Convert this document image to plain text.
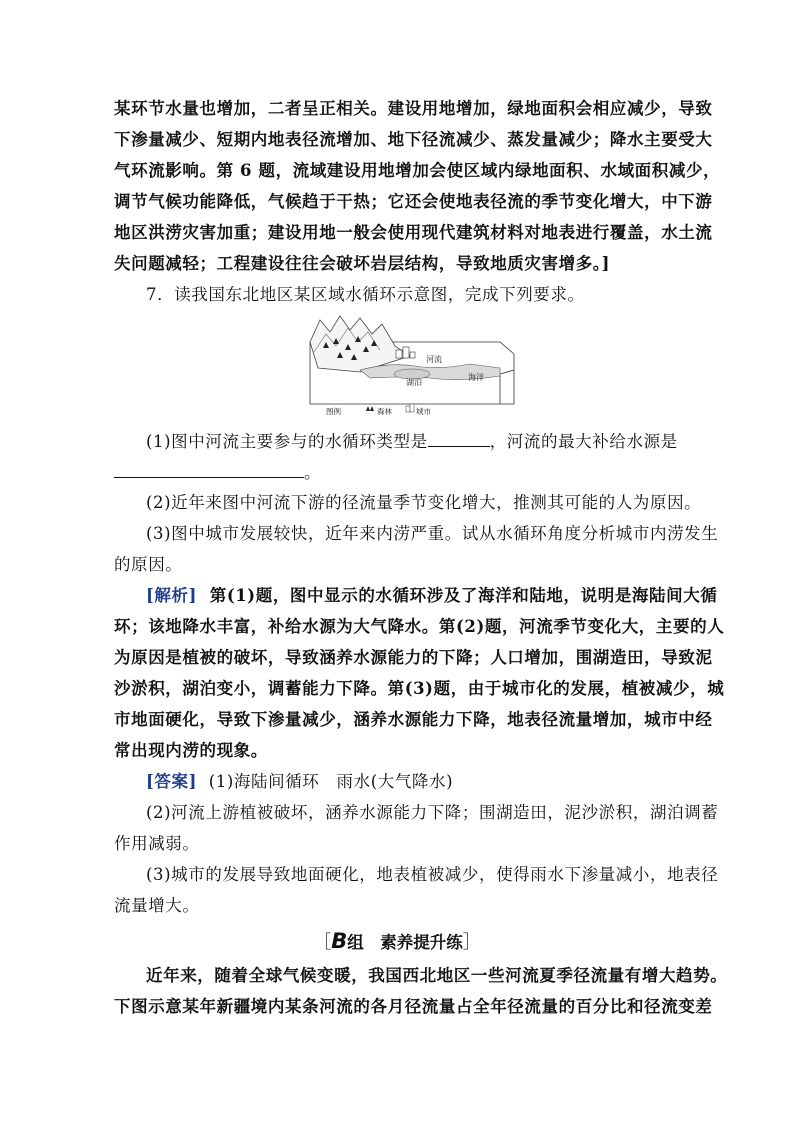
某环节水量也增加，二者呈正相关。建设用地增加，绿地面积会相应减少，导致
下渗量减少、短期内地表径流增加、地下径流减少、蒸发量减少；降水主要受大
气环流影响。第 6 题，流域建设用地增加会使区域内绿地面积、水域面积减少，
调节气候功能降低，气候趋于干热；它还会使地表径流的季节变化增大，中下游
地区洪涝灾害加重；建设用地一般会使用现代建筑材料对地表进行覆盖，水土流
失问题减轻；工程建设往往会破坏岩层结构，导致地质灾害增多。]
7．读我国东北地区某区域水循环示意图，完成下列要求。
河流
湖泊
海洋
图例	森林	城市
(1)图中河流主要参与的水循环类型是	，河流的最大补给水源是
。
(2)近年来图中河流下游的径流量季节变化增大，推测其可能的人为原因。
(3)图中城市发展较快，近年来内涝严重。试从水循环角度分析城市内涝发生
的原因。
[解析] 第(1)题，图中显示的水循环涉及了海洋和陆地，说明是海陆间大循
环；该地降水丰富，补给水源为大气降水。第(2)题，河流季节变化大，主要的人
为原因是植被的破坏，导致涵养水源能力的下降；人口增加，围湖造田，导致泥
沙淤积，湖泊变小，调蓄能力下降。第(3)题，由于城市化的发展，植被减少，城
市地面硬化，导致下渗量减少，涵养水源能力下降，地表径流量增加，城市中经
常出现内涝的现象。
[答案] (1)海陆间循环　雨水(大气降水)
(2)河流上游植被破坏，涵养水源能力下降；围湖造田，泥沙淤积，湖泊调蓄
作用减弱。
(3)城市的发展导致地面硬化，地表植被减少，使得雨水下渗量减小，地表径
流量增大。
［B组　素养提升练］
近年来，随着全球气候变暖，我国西北地区一些河流夏季径流量有增大趋势。
下图示意某年新疆境内某条河流的各月径流量占全年径流量的百分比和径流变差
